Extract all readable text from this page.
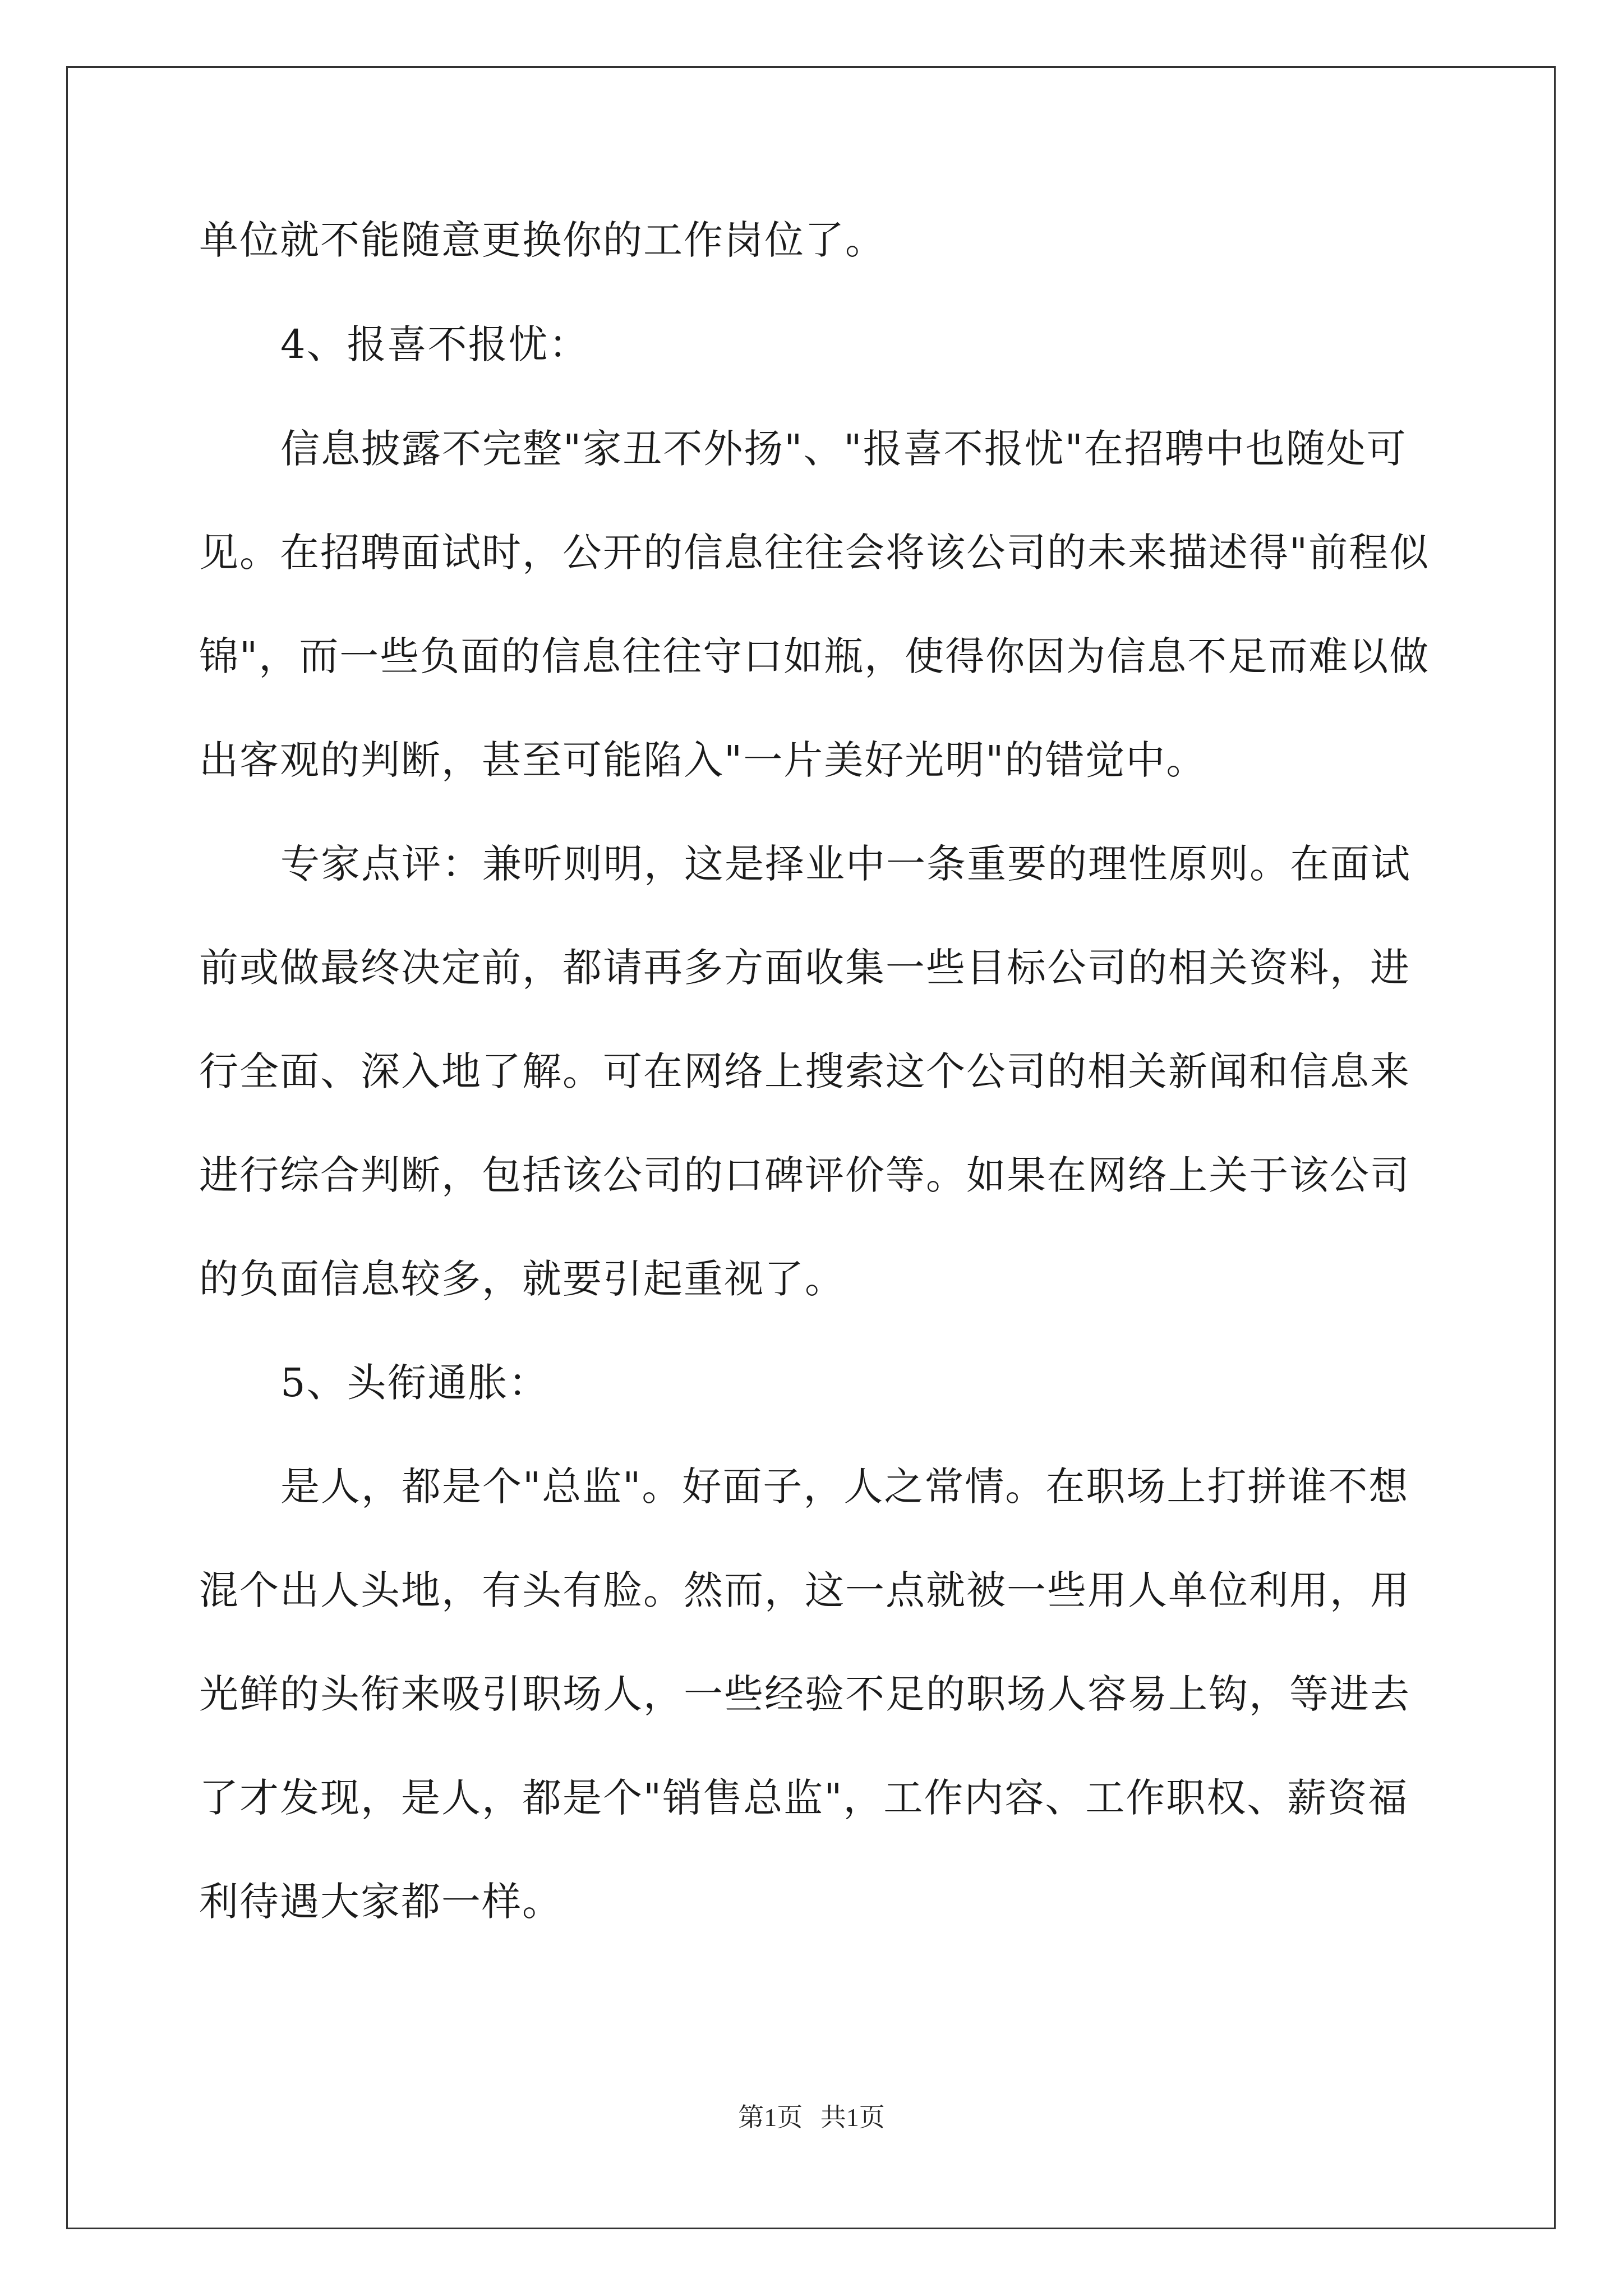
单位就不能随意更换你的工作岗位了。
4、报喜不报忧：
信息披露不完整"家丑不外扬"、"报喜不报忧"在招聘中也随处可
见。在招聘面试时，公开的信息往往会将该公司的未来描述得"前程似
锦"，而一些负面的信息往往守口如瓶，使得你因为信息不足而难以做
出客观的判断，甚至可能陷入"一片美好光明"的错觉中。
专家点评：兼听则明，这是择业中一条重要的理性原则。在面试
前或做最终决定前，都请再多方面收集一些目标公司的相关资料，进
行全面、深入地了解。可在网络上搜索这个公司的相关新闻和信息来
进行综合判断，包括该公司的口碑评价等。如果在网络上关于该公司
的负面信息较多，就要引起重视了。
5、头衔通胀：
是人，都是个"总监"。好面子，人之常情。在职场上打拼谁不想
混个出人头地，有头有脸。然而，这一点就被一些用人单位利用，用
光鲜的头衔来吸引职场人，一些经验不足的职场人容易上钩，等进去
了才发现，是人，都是个"销售总监"，工作内容、工作职权、薪资福
利待遇大家都一样。
第1页 共1页
